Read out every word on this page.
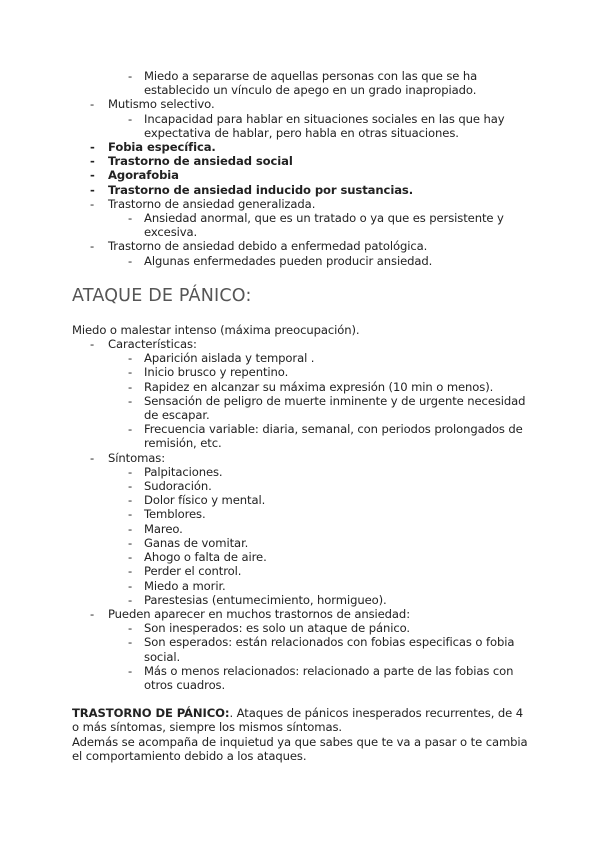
- Miedo a separarse de aquellas personas con las que se ha establecido un vínculo de apego en un grado inapropiado.
- Mutismo selectivo.
- Incapacidad para hablar en situaciones sociales en las que hay expectativa de hablar, pero habla en otras situaciones.
- Fobia específica.
- Trastorno de ansiedad social
- Agorafobia
- Trastorno de ansiedad inducido por sustancias.
- Trastorno de ansiedad generalizada.
- Ansiedad anormal, que es un tratado o ya que es persistente y excesiva.
- Trastorno de ansiedad debido a enfermedad patológica.
- Algunas enfermedades pueden producir ansiedad.
ATAQUE DE PÁNICO:

Miedo o malestar intenso (máxima preocupación).

- Características:
- Aparición aislada y temporal .
- Inicio brusco y repentino.
- Rapidez en alcanzar su máxima expresión (10 min o menos).
- Sensación de peligro de muerte inminente y de urgente necesidad de escapar.
- Frecuencia variable: diaria, semanal, con periodos prolongados de remisión, etc.
- Síntomas:
- Palpitaciones.
- Sudoración.
- Dolor físico y mental.
- Temblores.
- Mareo.
- Ganas de vomitar.
- Ahogo o falta de aire.
- Perder el control.
- Miedo a morir.
- Parestesias (entumecimiento, hormigueo).
- Pueden aparecer en muchos trastornos de ansiedad:
- Son inesperados: es solo un ataque de pánico.
- Son esperados: están relacionados con fobias especificas o fobia social.
- Más o menos relacionados: relacionado a parte de las fobias con otros cuadros.

TRASTORNO DE PÁNICO:. Ataques de pánicos inesperados recurrentes, de 4 o más síntomas, siempre los mismos síntomas.

Además se acompaña de inquietud ya que sabes que te va a pasar o te cambia el comportamiento debido a los ataques.
